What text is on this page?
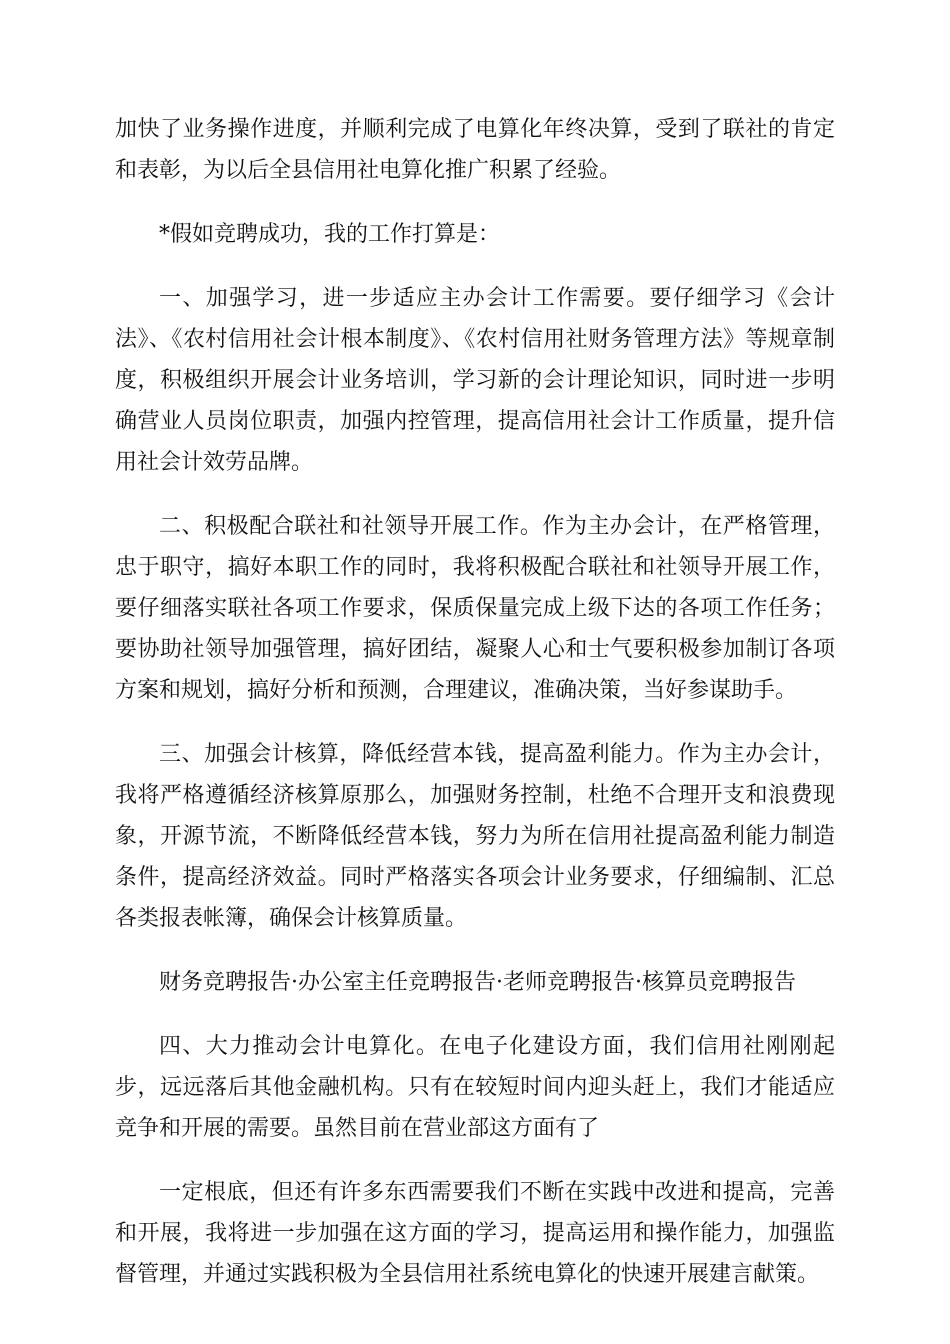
加快了业务操作进度，并顺利完成了电算化年终决算，受到了联社的肯定和表彰，为以后全县信用社电算化推广积累了经验。

*假如竞聘成功，我的工作打算是：

一、加强学习，进一步适应主办会计工作需要。要仔细学习《会计法》、《农村信用社会计根本制度》、《农村信用社财务管理方法》等规章制度，积极组织开展会计业务培训，学习新的会计理论知识，同时进一步明确营业人员岗位职责，加强内控管理，提高信用社会计工作质量，提升信用社会计效劳品牌。

二、积极配合联社和社领导开展工作。作为主办会计，在严格管理，忠于职守，搞好本职工作的同时，我将积极配合联社和社领导开展工作，要仔细落实联社各项工作要求，保质保量完成上级下达的各项工作任务；要协助社领导加强管理，搞好团结，凝聚人心和士气要积极参加制订各项方案和规划，搞好分析和预测，合理建议，准确决策，当好参谋助手。

三、加强会计核算，降低经营本钱，提高盈利能力。作为主办会计，我将严格遵循经济核算原那么，加强财务控制，杜绝不合理开支和浪费现象，开源节流，不断降低经营本钱，努力为所在信用社提高盈利能力制造条件，提高经济效益。同时严格落实各项会计业务要求，仔细编制、汇总各类报表帐簿，确保会计核算质量。

财务竞聘报告·办公室主任竞聘报告·老师竞聘报告·核算员竞聘报告

四、大力推动会计电算化。在电子化建设方面，我们信用社刚刚起步，远远落后其他金融机构。只有在较短时间内迎头赶上，我们才能适应竞争和开展的需要。虽然目前在营业部这方面有了

一定根底，但还有许多东西需要我们不断在实践中改进和提高，完善和开展，我将进一步加强在这方面的学习，提高运用和操作能力，加强监督管理，并通过实践积极为全县信用社系统电算化的快速开展建言献策。
